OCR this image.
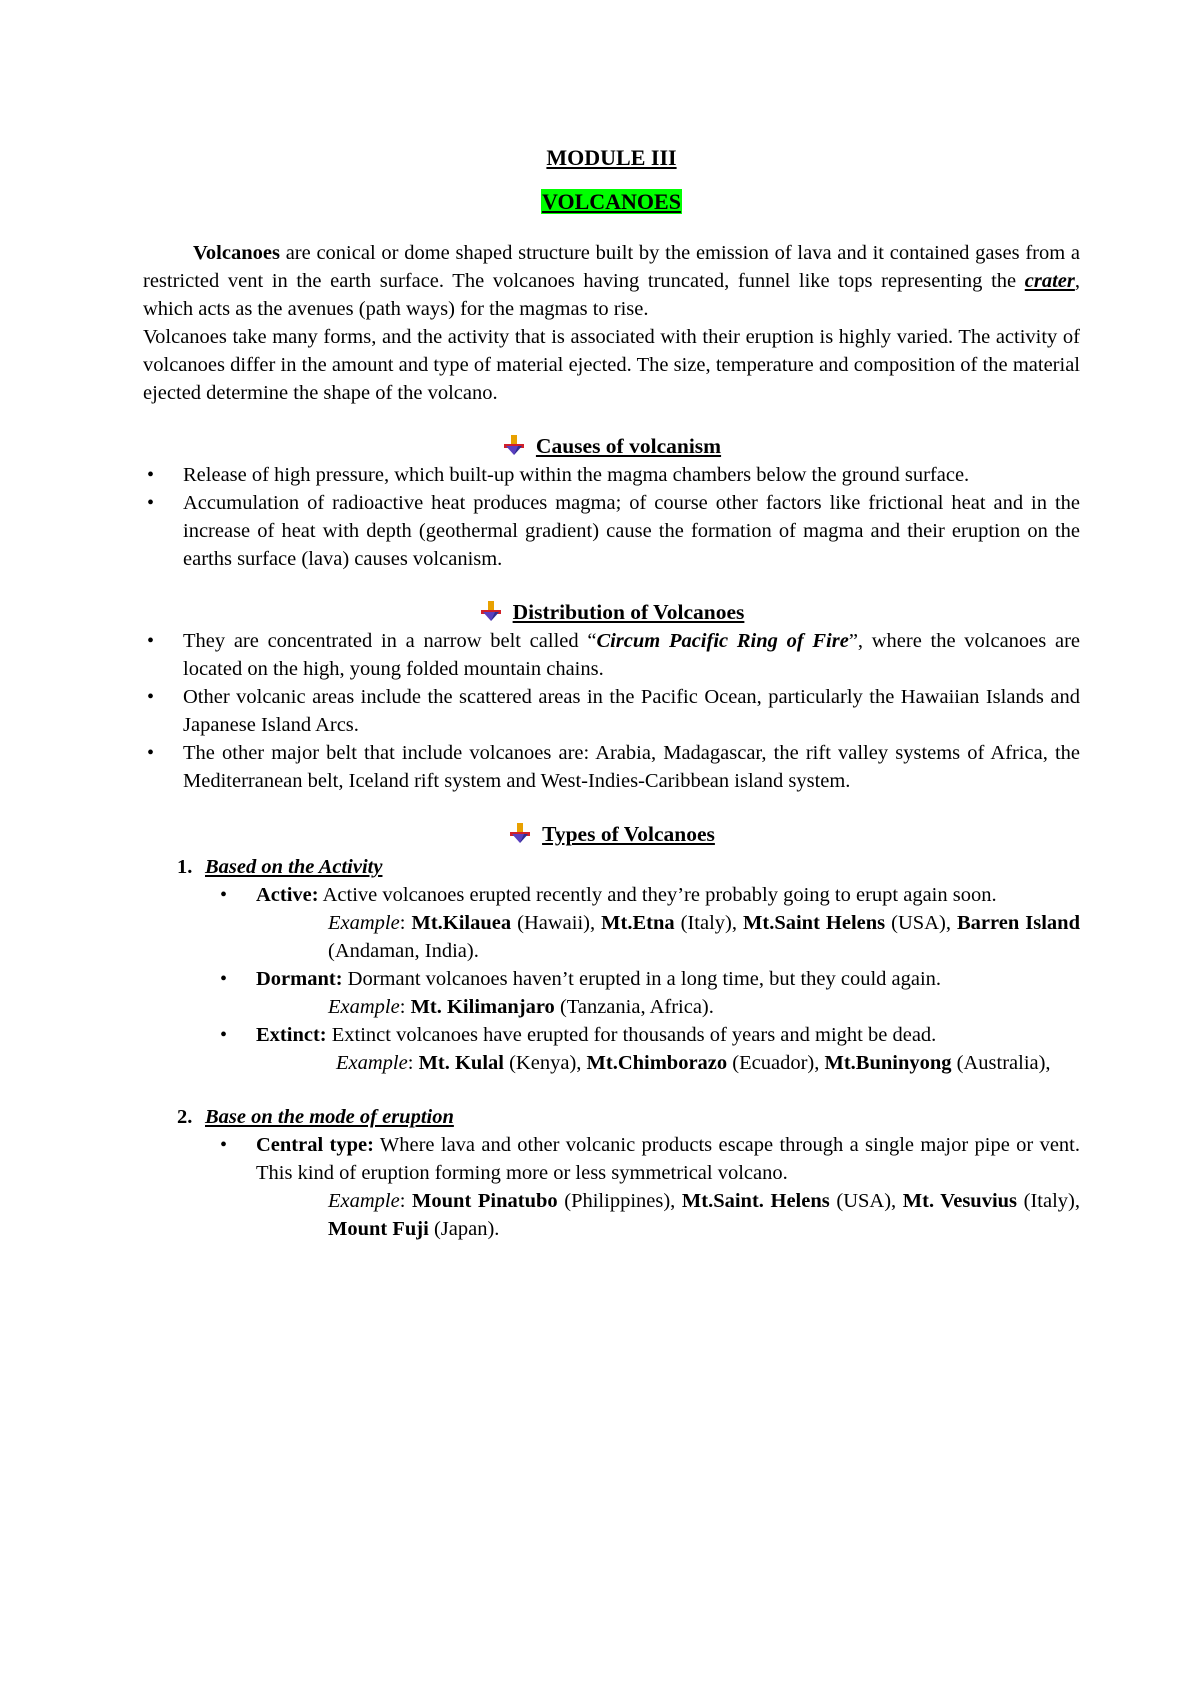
MODULE III
VOLCANOES

Volcanoes are conical or dome shaped structure built by the emission of lava and it contained gases from a restricted vent in the earth surface. The volcanoes having truncated, funnel like tops representing the crater, which acts as the avenues (path ways) for the magmas to rise.

Volcanoes take many forms, and the activity that is associated with their eruption is highly varied. The activity of volcanoes differ in the amount and type of material ejected. The size, temperature and composition of the material ejected determine the shape of the volcano.

Causes of volcanism
• Release of high pressure, which built-up within the magma chambers below the ground surface.
• Accumulation of radioactive heat produces magma; of course other factors like frictional heat and in the increase of heat with depth (geothermal gradient) cause the formation of magma and their eruption on the earths surface (lava) causes volcanism.
Distribution of Volcanoes
• They are concentrated in a narrow belt called “Circum Pacific Ring of Fire”, where the volcanoes are located on the high, young folded mountain chains.
• Other volcanic areas include the scattered areas in the Pacific Ocean, particularly the Hawaiian Islands and Japanese Island Arcs.
• The other major belt that include volcanoes are: Arabia, Madagascar, the rift valley systems of Africa, the Mediterranean belt, Iceland rift system and West-Indies-Caribbean island system.
Types of Volcanoes
1. Based on the Activity
• Active: Active volcanoes erupted recently and they’re probably going to erupt again soon.
Example: Mt.Kilauea (Hawaii), Mt.Etna (Italy), Mt.Saint Helens (USA), Barren Island (Andaman, India).
• Dormant: Dormant volcanoes haven’t erupted in a long time, but they could again.
Example: Mt. Kilimanjaro (Tanzania, Africa).
• Extinct: Extinct volcanoes have erupted for thousands of years and might be dead.
Example: Mt. Kulal (Kenya), Mt.Chimborazo (Ecuador), Mt.Buninyong (Australia),
2. Base on the mode of eruption
• Central type: Where lava and other volcanic products escape through a single major pipe or vent. This kind of eruption forming more or less symmetrical volcano.
Example: Mount Pinatubo (Philippines), Mt.Saint. Helens (USA), Mt. Vesuvius (Italy), Mount Fuji (Japan).
